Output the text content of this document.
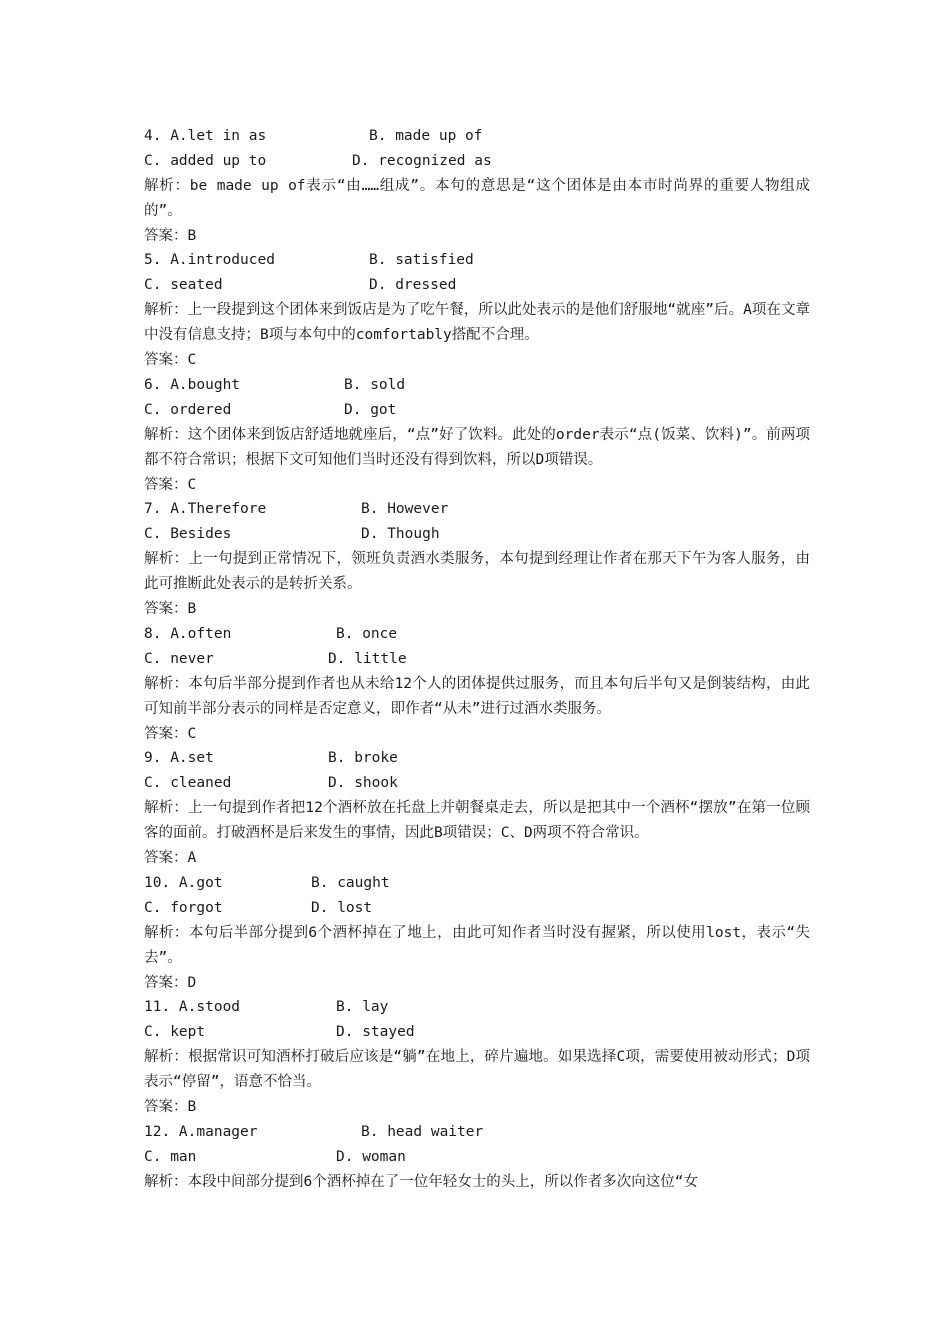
4. A.let in as	B. made up of
C. added up to	D. recognized as
解析：be made up of表示“由……组成”。本句的意思是“这个团体是由本市时尚界的重要人物组成的”。
答案：B
5. A.introduced	B. satisfied
C. seated	D. dressed
解析：上一段提到这个团体来到饭店是为了吃午餐，所以此处表示的是他们舒服地“就座”后。A项在文章中没有信息支持；B项与本句中的comfortably搭配不合理。
答案：C
6. A.bought	B. sold
C. ordered	D. got
解析：这个团体来到饭店舒适地就座后，“点”好了饮料。此处的order表示“点(饭菜、饮料)”。前两项都不符合常识；根据下文可知他们当时还没有得到饮料，所以D项错误。
答案：C
7. A.Therefore	B. However
C. Besides	D. Though
解析：上一句提到正常情况下，领班负责酒水类服务，本句提到经理让作者在那天下午为客人服务，由此可推断此处表示的是转折关系。
答案：B
8. A.often	B. once
C. never	D. little
解析：本句后半部分提到作者也从未给12个人的团体提供过服务，而且本句后半句又是倒装结构，由此可知前半部分表示的同样是否定意义，即作者“从未”进行过酒水类服务。
答案：C
9. A.set	B. broke
C. cleaned	D. shook
解析：上一句提到作者把12个酒杯放在托盘上并朝餐桌走去，所以是把其中一个酒杯“摆放”在第一位顾客的面前。打破酒杯是后来发生的事情，因此B项错误；C、D两项不符合常识。
答案：A
10. A.got	B. caught
C. forgot	D. lost
解析：本句后半部分提到6个酒杯掉在了地上，由此可知作者当时没有握紧，所以使用lost，表示“失去”。
答案：D
11. A.stood	B. lay
C. kept	D. stayed
解析：根据常识可知酒杯打破后应该是“躺”在地上，碎片遍地。如果选择C项，需要使用被动形式；D项表示“停留”，语意不恰当。
答案：B
12. A.manager	B. head waiter
C. man	D. woman
解析：本段中间部分提到6个酒杯掉在了一位年轻女士的头上，所以作者多次向这位“女
